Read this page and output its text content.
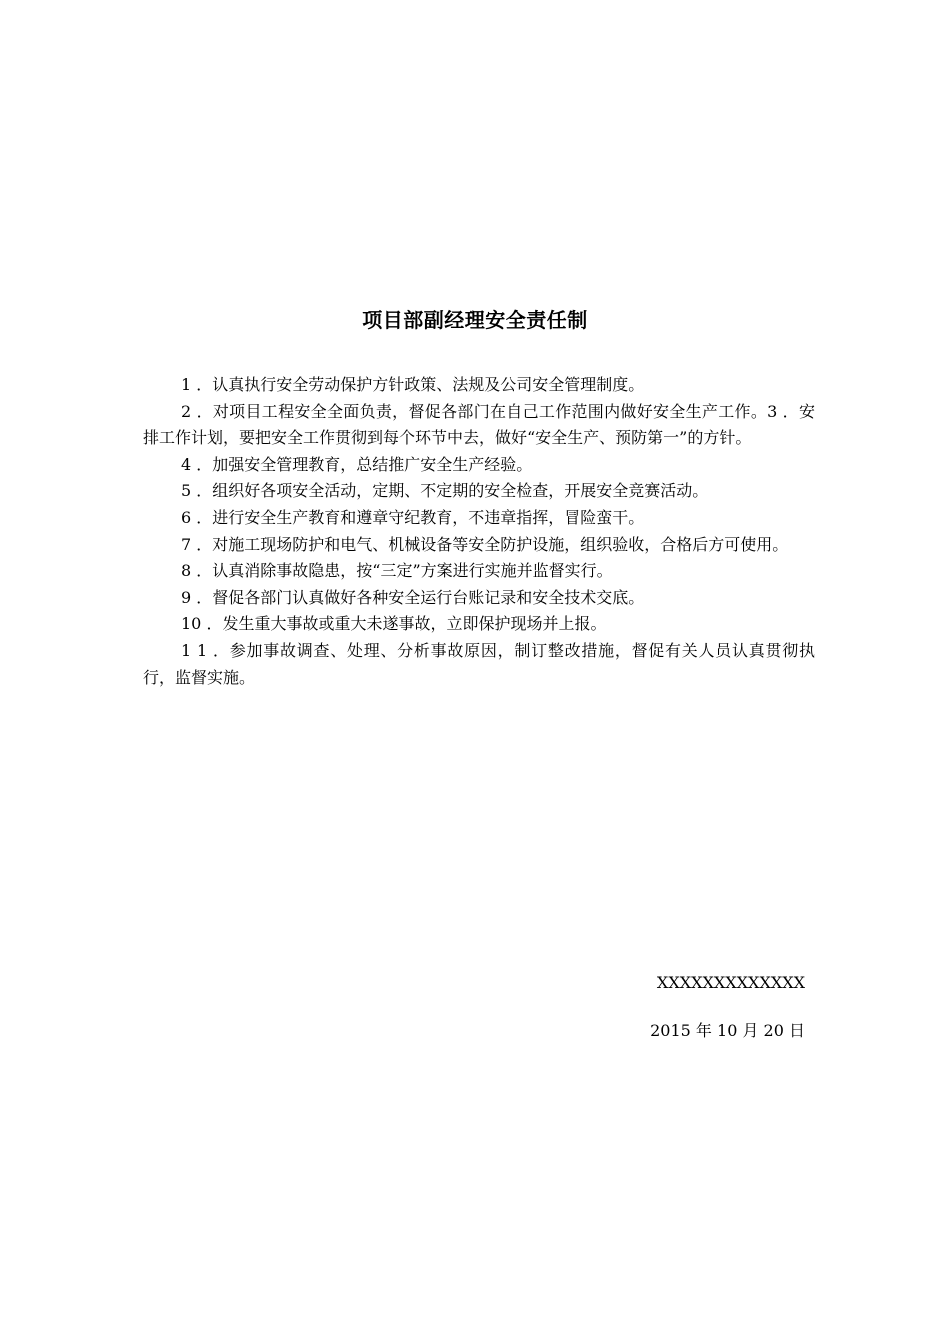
项目部副经理安全责任制

1 ．认真执行安全劳动保护方针政策、法规及公司安全管理制度。

2 ．对项目工程安全全面负责，督促各部门在自己工作范围内做好安全生产工作。3 ．安排工作计划，要把安全工作贯彻到每个环节中去，做好“安全生产、预防第一”的方针。

4 ．加强安全管理教育，总结推广安全生产经验。

5 ．组织好各项安全活动，定期、不定期的安全检查，开展安全竞赛活动。

6 ．进行安全生产教育和遵章守纪教育，不违章指挥，冒险蛮干。

7 ．对施工现场防护和电气、机械设备等安全防护设施，组织验收，合格后方可使用。

8 ．认真消除事故隐患，按“三定”方案进行实施并监督实行。

9 ．督促各部门认真做好各种安全运行台账记录和安全技术交底。

10 ．发生重大事故或重大未遂事故，立即保护现场并上报。

1 1 ．参加事故调查、处理、分析事故原因，制订整改措施，督促有关人员认真贯彻执行，监督实施。

XXXXXXXXXXXXX
2015 年 10 月 20 日
